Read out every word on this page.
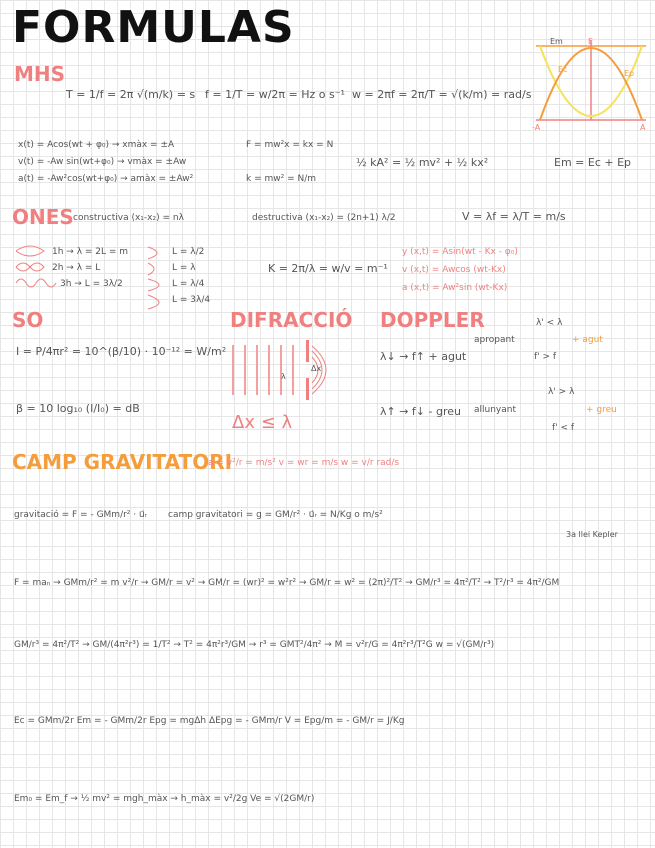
FORMULAS	Em	E
Ec	Ep
-A	A
MHS
T = 1/f = 2π √(m/k) = s f = 1/T = w/2π = Hz o s⁻¹ w = 2πf = 2π/T = √(k/m) = rad/s
x(t) = Acos(wt + φ₀) → xmàx = ±A
v(t) = -Aw sin(wt+φ₀) → vmàx = ±Aw
a(t) = -Aw²cos(wt+φ₀) → amàx = ±Aw²
F = mw²x = kx = N
k = mw² = N/m
½ kA² = ½ mv² + ½ kx²	Em = Ec + Ep
ONES constructiva (x₁-x₂) = nλ	destructiva (x₁-x₂) = (2n+1) λ/2	V = λf = λ/T = m/s
1h → λ = 2L = m
2h → λ = L
3h → L = 3λ/2
L = λ/2
L = λ
L = λ/4
L = 3λ/4
K = 2π/λ = w/v = m⁻¹
y (x,t) = Asin(wt - Kx - φ₀)
v (x,t) = Awcos (wt-Kx)
a (x,t) = Aw²sin (wt-Kx)
SO
I = P/4πr² = 10^(β/10) · 10⁻¹² = W/m²
β = 10 log₁₀ (I/I₀) = dB
DIFRACCIÓ
λ
Δx
Δx ≤ λ
DOPPLER	λ' < λ
apropant	+ agut
λ↓ → f↑ + agut	f' > f
λ' > λ
λ↑ → f↓ - greu allunyant	+ greu
f' < f
CAMP GRAVITATORI
a = v²/r = m/s² v = wr = m/s w = v/r rad/s
gravitació = F = - GMm/r² · u⃗ᵣ camp gravitatori = g = GM/r² · u⃗ᵣ = N/Kg o m/s²
3a llei Kepler
F = maₙ → GMm/r² = m v²/r → GM/r = v² → GM/r = (wr)² = w²r² → GM/r = w² = (2π)²/T² → GM/r³ = 4π²/T² → T²/r³ = 4π²/GM
GM/r³ = 4π²/T² → GM/(4π²r³) = 1/T² → T² = 4π²r³/GM → r³ = GMT²/4π² → M = v²r/G = 4π²r³/T²G w = √(GM/r³)
Ec = GMm/2r Em = - GMm/2r Epg = mgΔh ΔEpg = - GMm/r V = Epg/m = - GM/r = J/Kg
Em₀ = Em_f → ½ mv² = mgh_màx → h_màx = v²/2g Ve = √(2GM/r)
